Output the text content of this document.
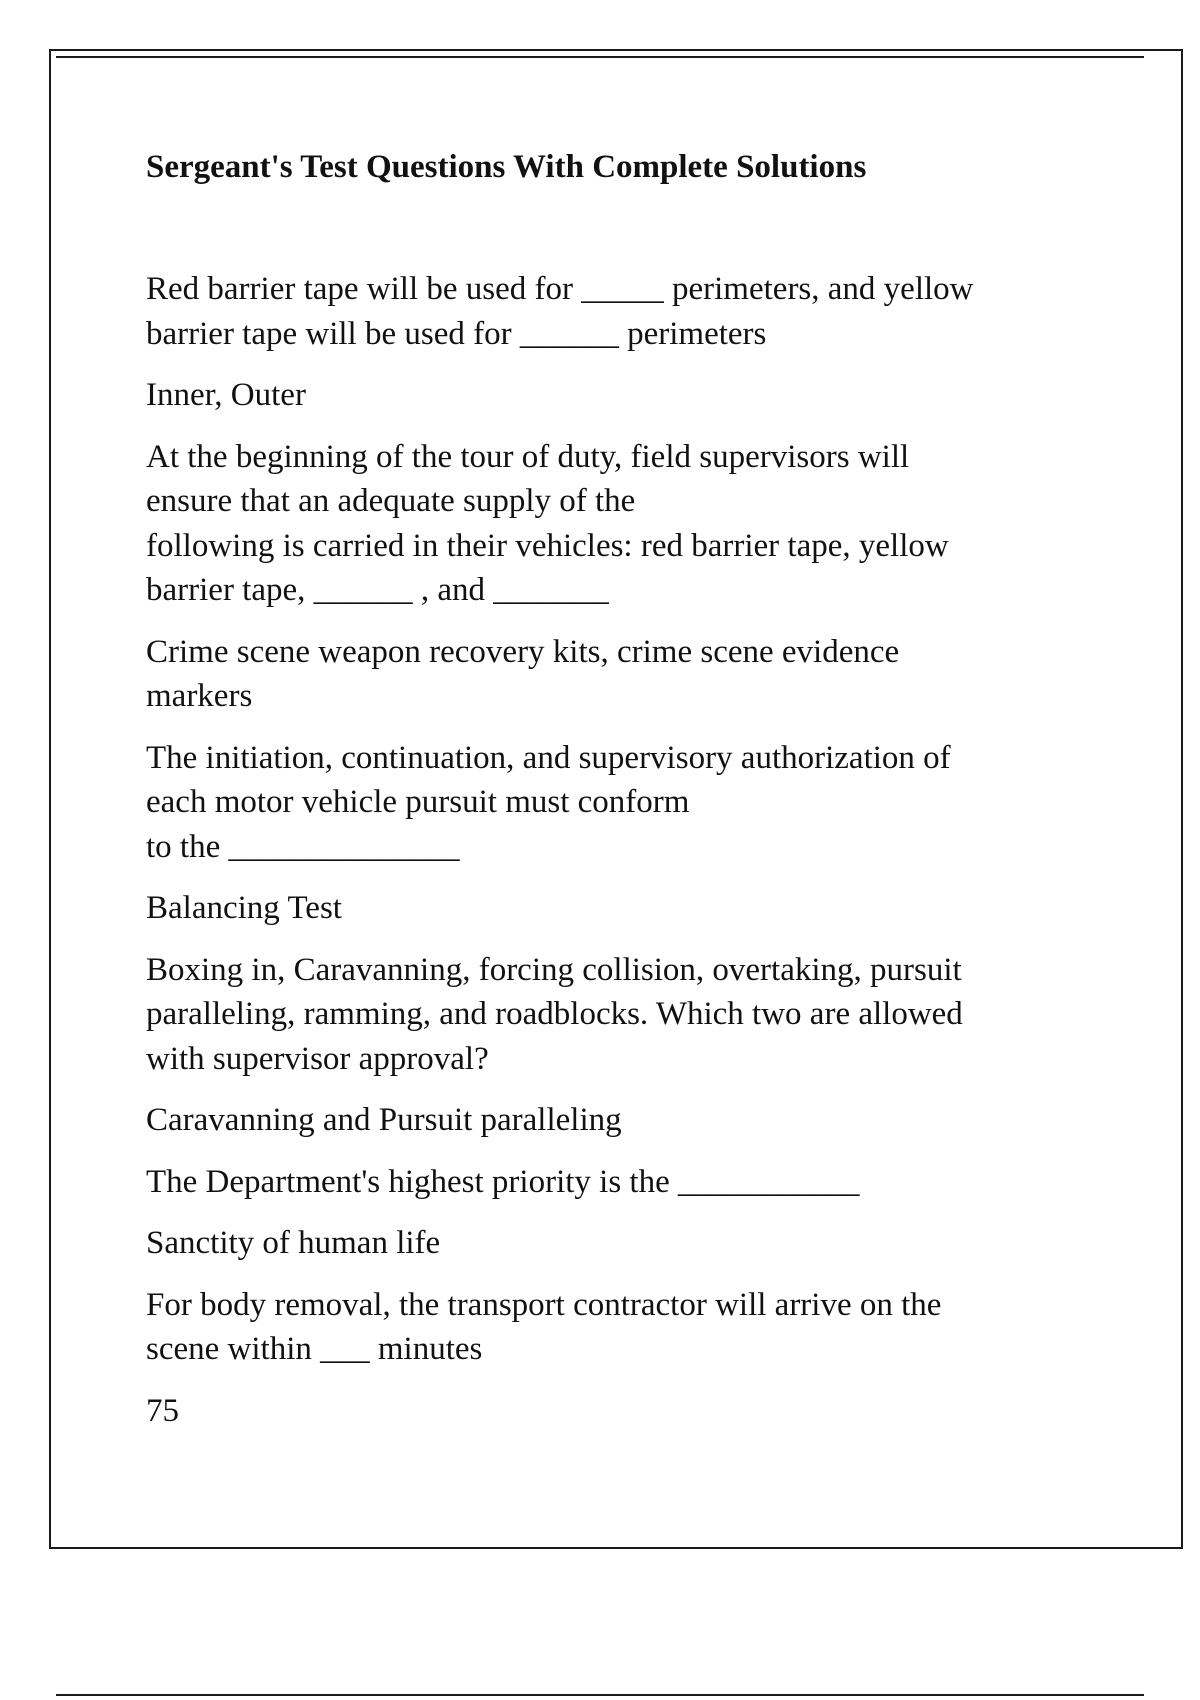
Sergeant's Test Questions With Complete Solutions

Red barrier tape will be used for _____ perimeters, and yellow
barrier tape will be used for ______ perimeters

Inner, Outer

At the beginning of the tour of duty, field supervisors will
ensure that an adequate supply of the
following is carried in their vehicles: red barrier tape, yellow
barrier tape, ______ , and _______

Crime scene weapon recovery kits, crime scene evidence
markers

The initiation, continuation, and supervisory authorization of
each motor vehicle pursuit must conform
to the ______________

Balancing Test

Boxing in, Caravanning, forcing collision, overtaking, pursuit
paralleling, ramming, and roadblocks. Which two are allowed
with supervisor approval?

Caravanning and Pursuit paralleling

The Department's highest priority is the ___________

Sanctity of human life

For body removal, the transport contractor will arrive on the
scene within ___ minutes

75
